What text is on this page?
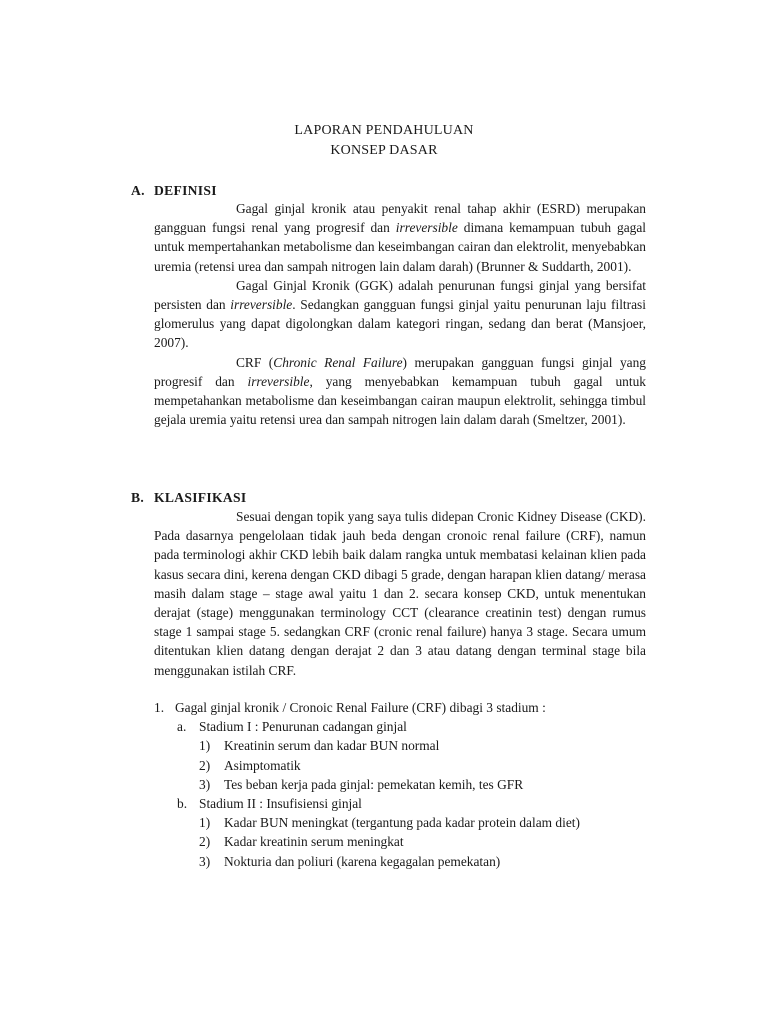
LAPORAN PENDAHULUAN
KONSEP DASAR
A. DEFINISI

Gagal ginjal kronik atau penyakit renal tahap akhir (ESRD) merupakan gangguan fungsi renal yang progresif dan irreversible dimana kemampuan tubuh gagal untuk mempertahankan metabolisme dan keseimbangan cairan dan elektrolit, menyebabkan uremia (retensi urea dan sampah nitrogen lain dalam darah) (Brunner & Suddarth, 2001).

Gagal Ginjal Kronik (GGK) adalah penurunan fungsi ginjal yang bersifat persisten dan irreversible. Sedangkan gangguan fungsi ginjal yaitu penurunan laju filtrasi glomerulus yang dapat digolongkan dalam kategori ringan, sedang dan berat (Mansjoer, 2007).

CRF (Chronic Renal Failure) merupakan gangguan fungsi ginjal yang progresif dan irreversible, yang menyebabkan kemampuan tubuh gagal untuk mempetahankan metabolisme dan keseimbangan cairan maupun elektrolit, sehingga timbul gejala uremia yaitu retensi urea dan sampah nitrogen lain dalam darah (Smeltzer, 2001).

B. KLASIFIKASI

Sesuai dengan topik yang saya tulis didepan Cronic Kidney Disease (CKD). Pada dasarnya pengelolaan tidak jauh beda dengan cronoic renal failure (CRF), namun pada terminologi akhir CKD lebih baik dalam rangka untuk membatasi kelainan klien pada kasus secara dini, kerena dengan CKD dibagi 5 grade, dengan harapan klien datang/ merasa masih dalam stage – stage awal yaitu 1 dan 2. secara konsep CKD, untuk menentukan derajat (stage) menggunakan terminology CCT (clearance creatinin test) dengan rumus stage 1 sampai stage 5. sedangkan CRF (cronic renal failure) hanya 3 stage. Secara umum ditentukan klien datang dengan derajat 2 dan 3 atau datang dengan terminal stage bila menggunakan istilah CRF.

1. Gagal ginjal kronik / Cronoic Renal Failure (CRF) dibagi 3 stadium :
a. Stadium I : Penurunan cadangan ginjal
1) Kreatinin serum dan kadar BUN normal
2) Asimptomatik
3) Tes beban kerja pada ginjal: pemekatan kemih, tes GFR
b. Stadium II : Insufisiensi ginjal
1) Kadar BUN meningkat (tergantung pada kadar protein dalam diet)
2) Kadar kreatinin serum meningkat
3) Nokturia dan poliuri (karena kegagalan pemekatan)
